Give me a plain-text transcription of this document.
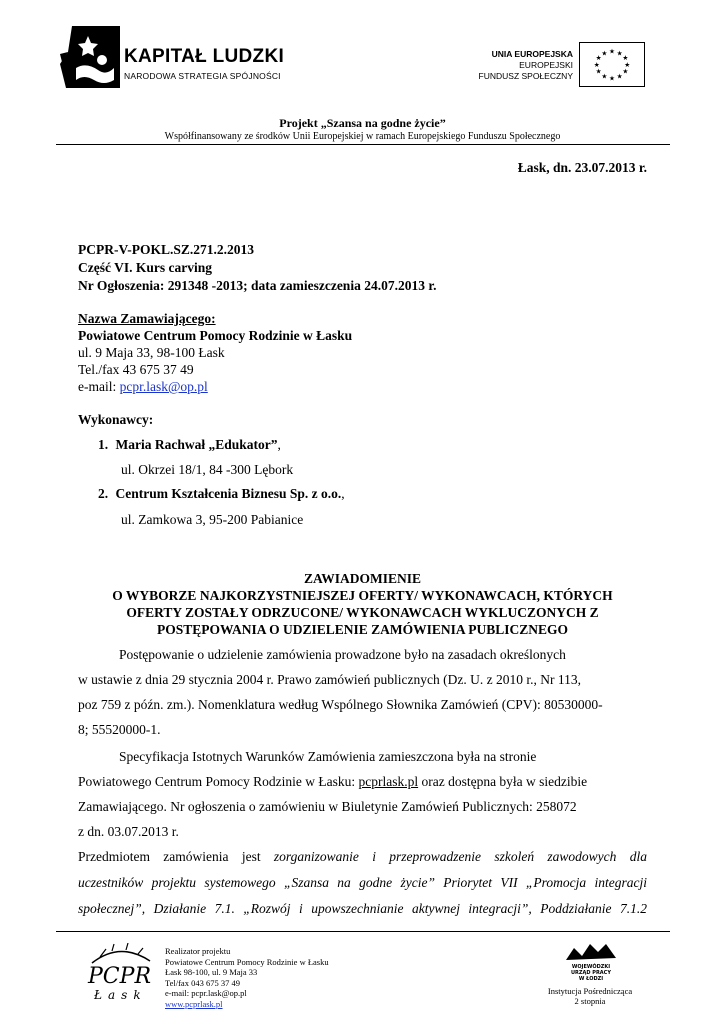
KAPITAŁ LUDZKI
NARODOWA STRATEGIA SPÓJNOŚCI
UNIA EUROPEJSKA
EUROPEJSKI
FUNDUSZ SPOŁECZNY
★ ★
★
★
★
★
★
★
★
★
★
★
Projekt „Szansa na godne życie”
Współfinansowany ze środków Unii Europejskiej w ramach Europejskiego Funduszu Społecznego
Łask, dn. 23.07.2013 r.
PCPR-V-POKL.SZ.271.2.2013
Część VI. Kurs carving
Nr Ogłoszenia: 291348 -2013; data zamieszczenia 24.07.2013 r.
Nazwa Zamawiającego:
Powiatowe Centrum Pomocy Rodzinie w Łasku
ul. 9 Maja 33, 98-100 Łask
Tel./fax 43 675 37 49
e-mail: pcpr.lask@op.pl
Wykonawcy:
1. Maria Rachwał „Edukator”,
ul. Okrzei 18/1, 84 -300 Lębork
2. Centrum Kształcenia Biznesu Sp. z o.o.,
ul. Zamkowa 3, 95-200 Pabianice
ZAWIADOMIENIE
O WYBORZE NAJKORZYSTNIEJSZEJ OFERTY/ WYKONAWCACH, KTÓRYCH
OFERTY ZOSTAŁY ODRZUCONE/ WYKONAWCACH WYKLUCZONYCH Z
POSTĘPOWANIA O UDZIELENIE ZAMÓWIENIA PUBLICZNEGO
Postępowanie o udzielenie zamówienia prowadzone było na zasadach określonych
w ustawie z dnia 29 stycznia 2004 r. Prawo zamówień publicznych (Dz. U. z 2010 r., Nr 113,
poz 759 z późn. zm.). Nomenklatura według Wspólnego Słownika Zamówień (CPV): 80530000-
8; 55520000-1.
Specyfikacja Istotnych Warunków Zamówienia zamieszczona była na stronie
Powiatowego Centrum Pomocy Rodzinie w Łasku: pcprlask.pl oraz dostępna była w siedzibie
Zamawiającego. Nr ogłoszenia o zamówieniu w Biuletynie Zamówień Publicznych: 258072
z dn. 03.07.2013 r.
Przedmiotem zamówienia jest zorganizowanie i przeprowadzenie szkoleń zawodowych dla
uczestników projektu systemowego „Szansa na godne życie” Priorytet VII „Promocja integracji
społecznej”, Działanie 7.1. „Rozwój i upowszechnianie aktywnej integracji”, Poddziałanie 7.1.2
PCPR
Łask
Realizator projektu
Powiatowe Centrum Pomocy Rodzinie w Łasku
Łask 98-100, ul. 9 Maja 33
Tel/fax 043 675 37 49
e-mail: pcpr.lask@op.pl
www.pcprlask.pl
WOJEWÓDZKI
URZĄD PRACY
W ŁODZI
Instytucja Pośrednicząca
2 stopnia
